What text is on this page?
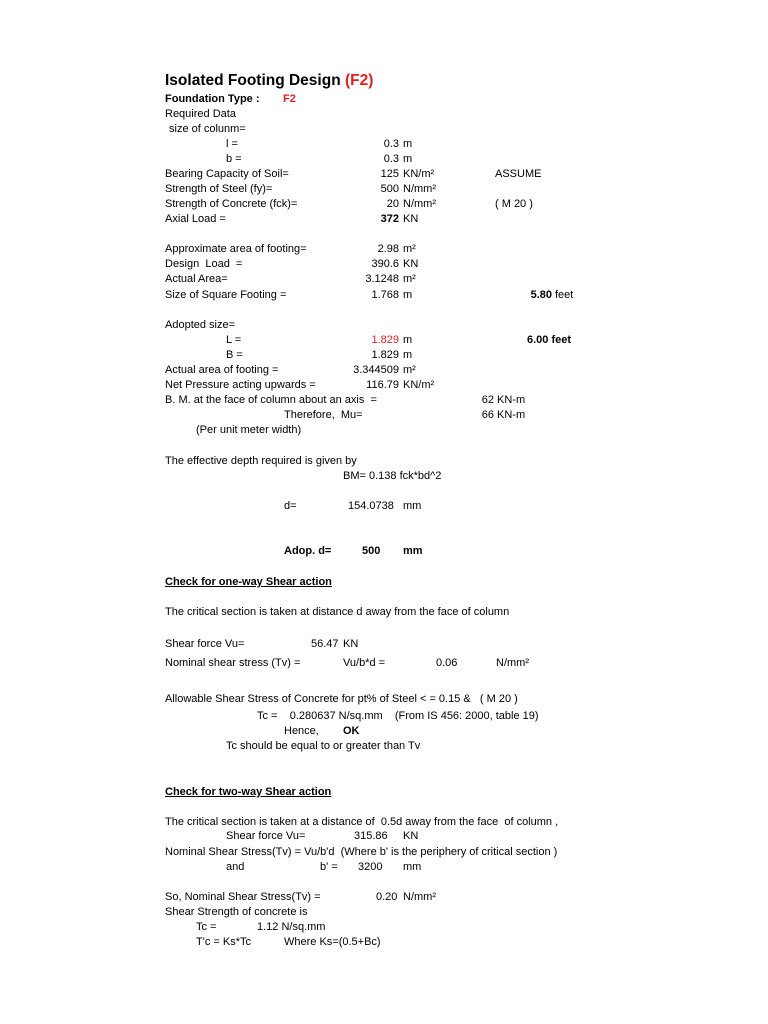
Isolated Footing Design (F2)
Foundation Type : F2
Required Data
size of colunm=
l =	0.3 m
b =	0.3 m
Bearing Capacity of Soil=	125 KN/m²	ASSUME
Strength of Steel (fy)=	500 N/mm²
Strength of Concrete (fck)=	20 N/mm²	( M 20 )
Axial Load =	372 KN
Approximate area of footing=	2.98 m²
Design  Load  =	390.6 KN
Actual Area=	3.1248 m²
Size of Square Footing =	1.768 m	5.80 feet
Adopted size=
L =	1.829 m	6.00 feet
B =	1.829 m
Actual area of footing =	3.344509 m²
Net Pressure acting upwards =	116.79 KN/m²
B. M. at the face of column about an axis  =	62 KN-m
Therefore,  Mu=	66 KN-m
(Per unit meter width)
The effective depth required is given by
BM= 0.138 fck*bd^2
d=	154.0738 mm
Adop. d=	500 mm
Check for one-way Shear action
The critical section is taken at distance d away from the face of column
Shear force Vu=	56.47 KN
Nominal shear stress (Tv) =	Vu/b*d =	0.06	N/mm²
Allowable Shear Stress of Concrete for pt% of Steel < = 0.15 &   ( M 20 )
Tc =    0.280637 N/sq.mm    (From IS 456: 2000, table 19)
Hence, OK
Tc should be equal to or greater than Tv
Check for two-way Shear action
The critical section is taken at a distance of  0.5d away from the face  of column ,
Shear force Vu=	315.86 KN
Nominal Shear Stress(Tv) = Vu/b'd  (Where b' is the periphery of critical section )
and	b' = 3200 mm
So, Nominal Shear Stress(Tv) =	0.20 N/mm²
Shear Strength of concrete is
Tc =	1.12 N/sq.mm
T'c = Ks*Tc	Where Ks=(0.5+Bc)
